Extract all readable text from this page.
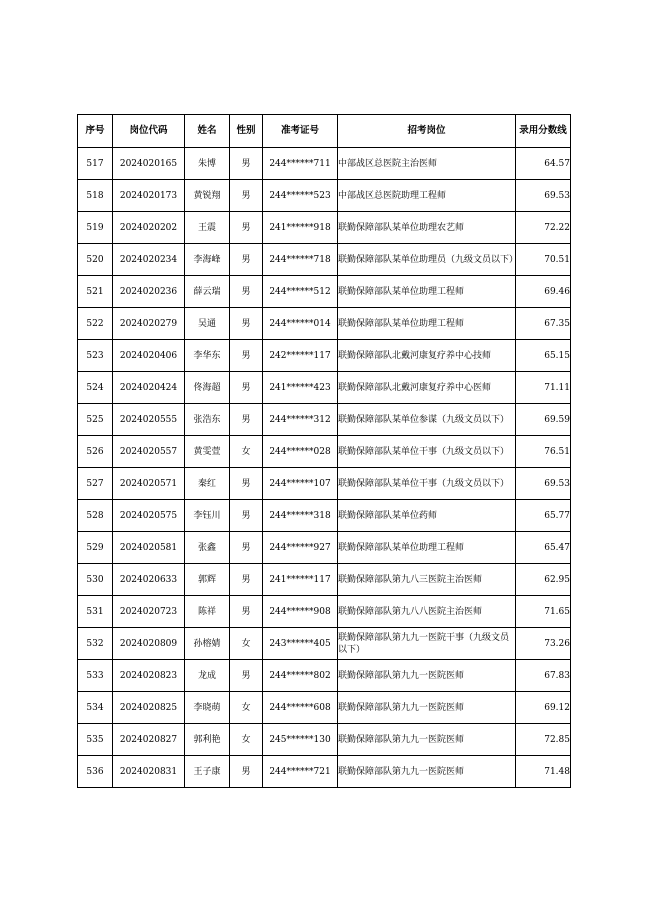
序号	岗位代码	姓名	性别	准考证号	招考岗位	录用分数线
517	2024020165	朱博	男	244******711	中部战区总医院主治医师	64.57
518	2024020173	黄锐翔	男	244******523	中部战区总医院助理工程师	69.53
519	2024020202	王震	男	241******918	联勤保障部队某单位助理农艺师	72.22
520	2024020234	李海峰	男	244******718	联勤保障部队某单位助理员（九级文员以下）	70.51
521	2024020236	薛云瑞	男	244******512	联勤保障部队某单位助理工程师	69.46
522	2024020279	吴通	男	244******014	联勤保障部队某单位助理工程师	67.35
523	2024020406	李华东	男	242******117	联勤保障部队北戴河康复疗养中心技师	65.15
524	2024020424	佟海超	男	241******423	联勤保障部队北戴河康复疗养中心医师	71.11
525	2024020555	张浩东	男	244******312	联勤保障部队某单位参谋（九级文员以下）	69.59
526	2024020557	黄雯萱	女	244******028	联勤保障部队某单位干事（九级文员以下）	76.51
527	2024020571	秦红	男	244******107	联勤保障部队某单位干事（九级文员以下）	69.53
528	2024020575	李钰川	男	244******318	联勤保障部队某单位药师	65.77
529	2024020581	张鑫	男	244******927	联勤保障部队某单位助理工程师	65.47
530	2024020633	郭辉	男	241******117	联勤保障部队第九八三医院主治医师	62.95
531	2024020723	陈祥	男	244******908	联勤保障部队第九八八医院主治医师	71.65
532	2024020809	孙榕婧	女	243******405	联勤保障部队第九九一医院干事（九级文员以下）	73.26
533	2024020823	龙成	男	244******802	联勤保障部队第九九一医院医师	67.83
534	2024020825	李晓萌	女	244******608	联勤保障部队第九九一医院医师	69.12
535	2024020827	郭利艳	女	245******130	联勤保障部队第九九一医院医师	72.85
536	2024020831	王子康	男	244******721	联勤保障部队第九九一医院医师	71.48
